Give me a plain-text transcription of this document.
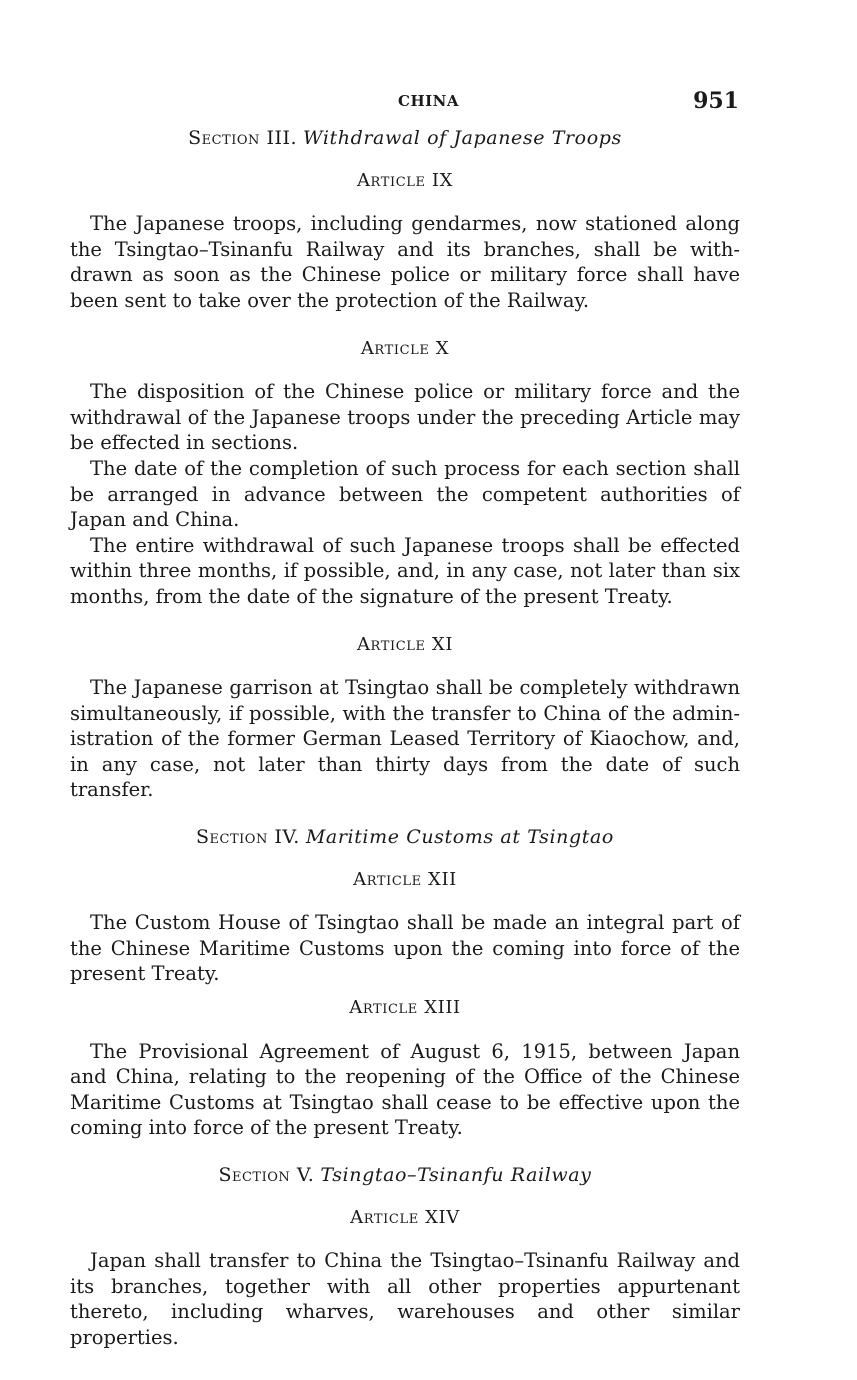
CHINA	951
Section III. Withdrawal of Japanese Troops
Article IX

The Japanese troops, including gendarmes, now stationed along the Tsingtao–Tsinanfu Railway and its branches, shall be withdrawn as soon as the Chinese police or military force shall have been sent to take over the protection of the Railway.

Article X

The disposition of the Chinese police or military force and the withdrawal of the Japanese troops under the preceding Article may be effected in sections.

The date of the completion of such process for each section shall be arranged in advance between the competent authorities of Japan and China.

The entire withdrawal of such Japanese troops shall be effected within three months, if possible, and, in any case, not later than six months, from the date of the signature of the present Treaty.

Article XI

The Japanese garrison at Tsingtao shall be completely withdrawn simultaneously, if possible, with the transfer to China of the administration of the former German Leased Territory of Kiaochow, and, in any case, not later than thirty days from the date of such transfer.

Section IV. Maritime Customs at Tsingtao
Article XII

The Custom House of Tsingtao shall be made an integral part of the Chinese Maritime Customs upon the coming into force of the present Treaty.

Article XIII

The Provisional Agreement of August 6, 1915, between Japan and China, relating to the reopening of the Office of the Chinese Maritime Customs at Tsingtao shall cease to be effective upon the coming into force of the present Treaty.

Section V. Tsingtao–Tsinanfu Railway
Article XIV

Japan shall transfer to China the Tsingtao–Tsinanfu Railway and its branches, together with all other properties appurtenant thereto, including wharves, warehouses and other similar properties.
